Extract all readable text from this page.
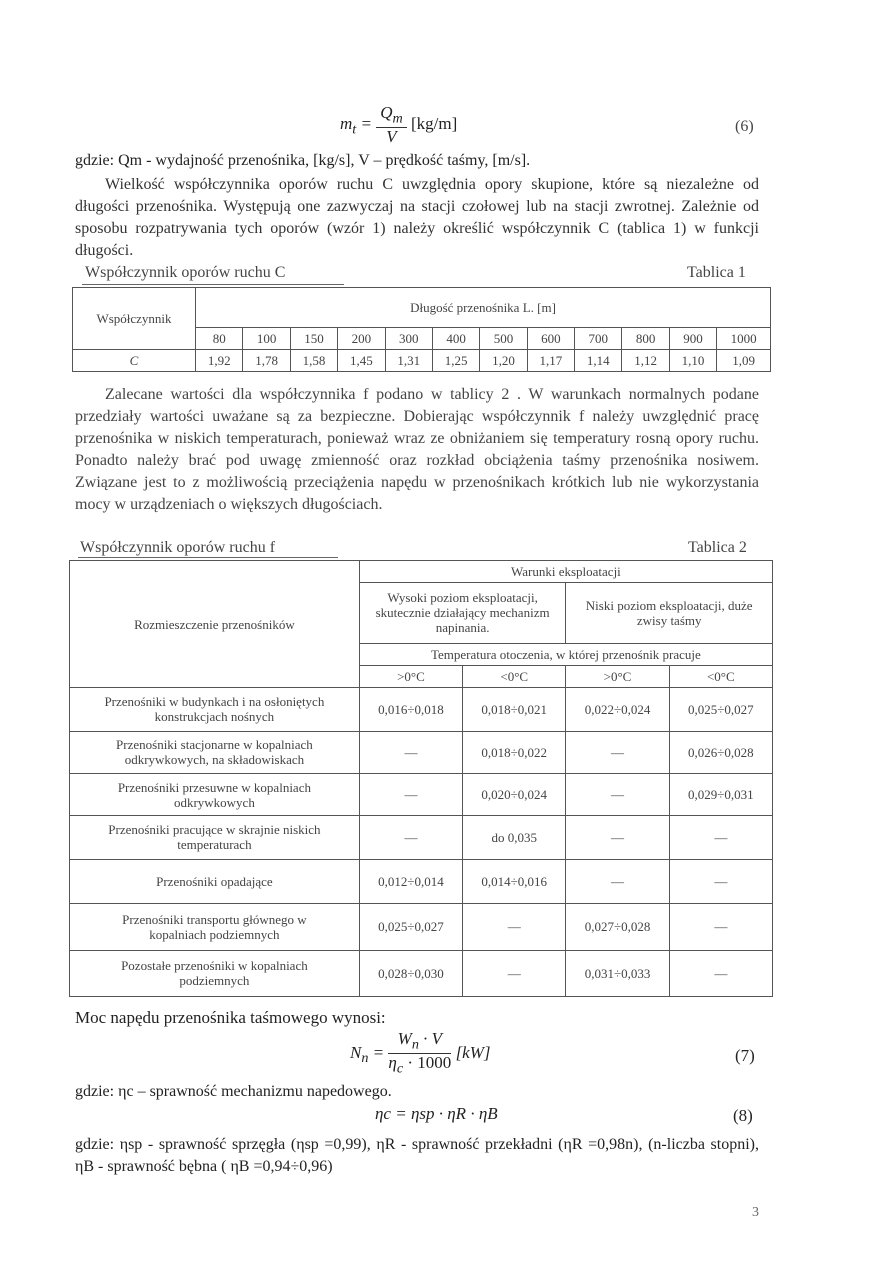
$m_t = \frac{Q_m}{V} [kg/m]$	(6)
gdzie: Qm - wydajność przenośnika, [kg/s], V – prędkość taśmy, [m/s].
Wielkość współczynnika oporów ruchu C uwzględnia opory skupione, które są niezależne od długości przenośnika. Występują one zazwyczaj na stacji czołowej lub na stacji zwrotnej. Zależnie od sposobu rozpatrywania tych oporów (wzór 1) należy określić współczynnik C (tablica 1) w funkcji długości.
Współczynnik oporów ruchu C	Tablica 1
Współczynnik	Długość przenośnika L. [m]											
	80	100	150	200	300	400	500	600	700	800	900	1000
C	1,92	1,78	1,58	1,45	1,31	1,25	1,20	1,17	1,14	1,12	1,10	1,09
Zalecane wartości dla współczynnika f podano w tablicy 2 . W warunkach normalnych podane przedziały wartości uważane są za bezpieczne. Dobierając współczynnik f należy uwzględnić pracę przenośnika w niskich temperaturach, ponieważ wraz ze obniżaniem się temperatury rosną opory ruchu. Ponadto należy brać pod uwagę zmienność oraz rozkład obciążenia taśmy przenośnika nosiwem. Związane jest to z możliwością przeciążenia napędu w przenośnikach krótkich lub nie wykorzystania mocy w urządzeniach o większych długościach.
Współczynnik oporów ruchu f	Tablica 2
Rozmieszczenie przenośników	Warunki eksploatacji			
	Wysoki poziom eksploatacji, skutecznie działający mechanizm napinania.		Niski poziom eksploatacji, duże zwisy taśmy	
	Temperatura otoczenia, w której przenośnik pracuje			
	>0°C	<0°C	>0°C	<0°C
Przenośniki w budynkach i na osłoniętych konstrukcjach nośnych	0,016÷0,018	0,018÷0,021	0,022÷0,024	0,025÷0,027
Przenośniki stacjonarne w kopalniach odkrywkowych, na składowiskach	—	0,018÷0,022	—	0,026÷0,028
Przenośniki przesuwne w kopalniach odkrywkowych	—	0,020÷0,024	—	0,029÷0,031
Przenośniki pracujące w skrajnie niskich temperaturach	—	do 0,035	—	—
Przenośniki opadające	0,012÷0,014	0,014÷0,016	—	—
Przenośniki transportu głównego w kopalniach podziemnych	0,025÷0,027	—	0,027÷0,028	—
Pozostałe przenośniki w kopalniach podziemnych	0,028÷0,030	—	0,031÷0,033	—
Moc napędu przenośnika taśmowego wynosi:
$N_n = \frac{W_n \cdot V}{\eta_c \cdot 1000} [kW]$	(7)
gdzie: ηc – sprawność mechanizmu napedowego.
ηc = ηsp · ηR · ηB	(8)
gdzie: ηsp - sprawność sprzęgła (ηsp =0,99), ηR - sprawność przekładni (ηR =0,98n), (n-liczba stopni), ηB - sprawność bębna ( ηB =0,94÷0,96)
3
